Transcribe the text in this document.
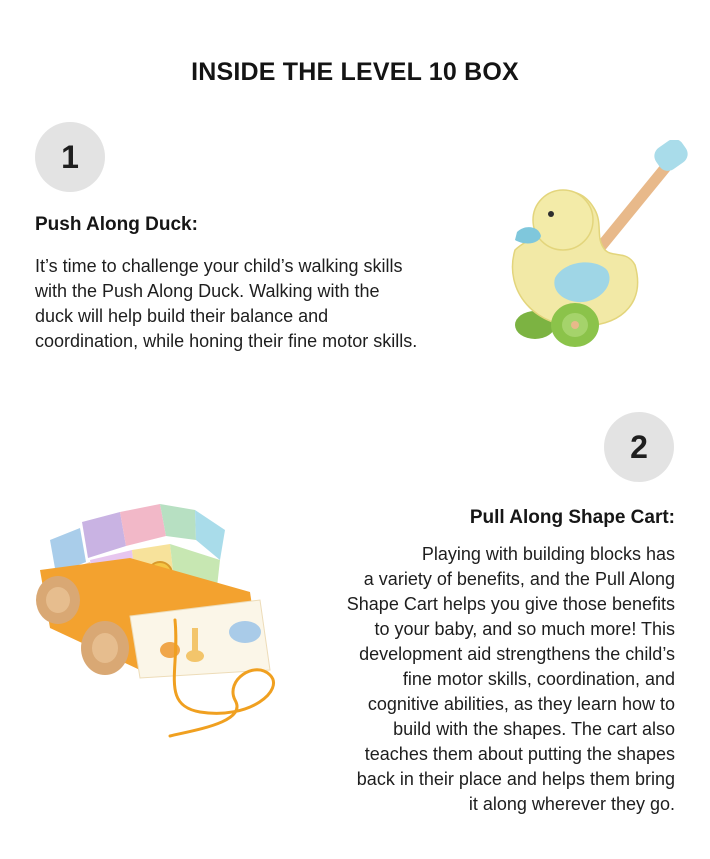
INSIDE THE LEVEL 10 BOX
1
Push Along Duck:
It’s time to challenge your child’s walking skills
with the Push Along Duck. Walking with the
duck will help build their balance and
coordination, while honing their fine motor skills.
2
Pull Along Shape Cart:
Playing with building blocks has
a variety of benefits, and the Pull Along
Shape Cart helps you give those benefits
to your baby, and so much more! This
development aid strengthens the child’s
fine motor skills, coordination, and
cognitive abilities, as they learn how to
build with the shapes. The cart also
teaches them about putting the shapes
back in their place and helps them bring
it along wherever they go.
